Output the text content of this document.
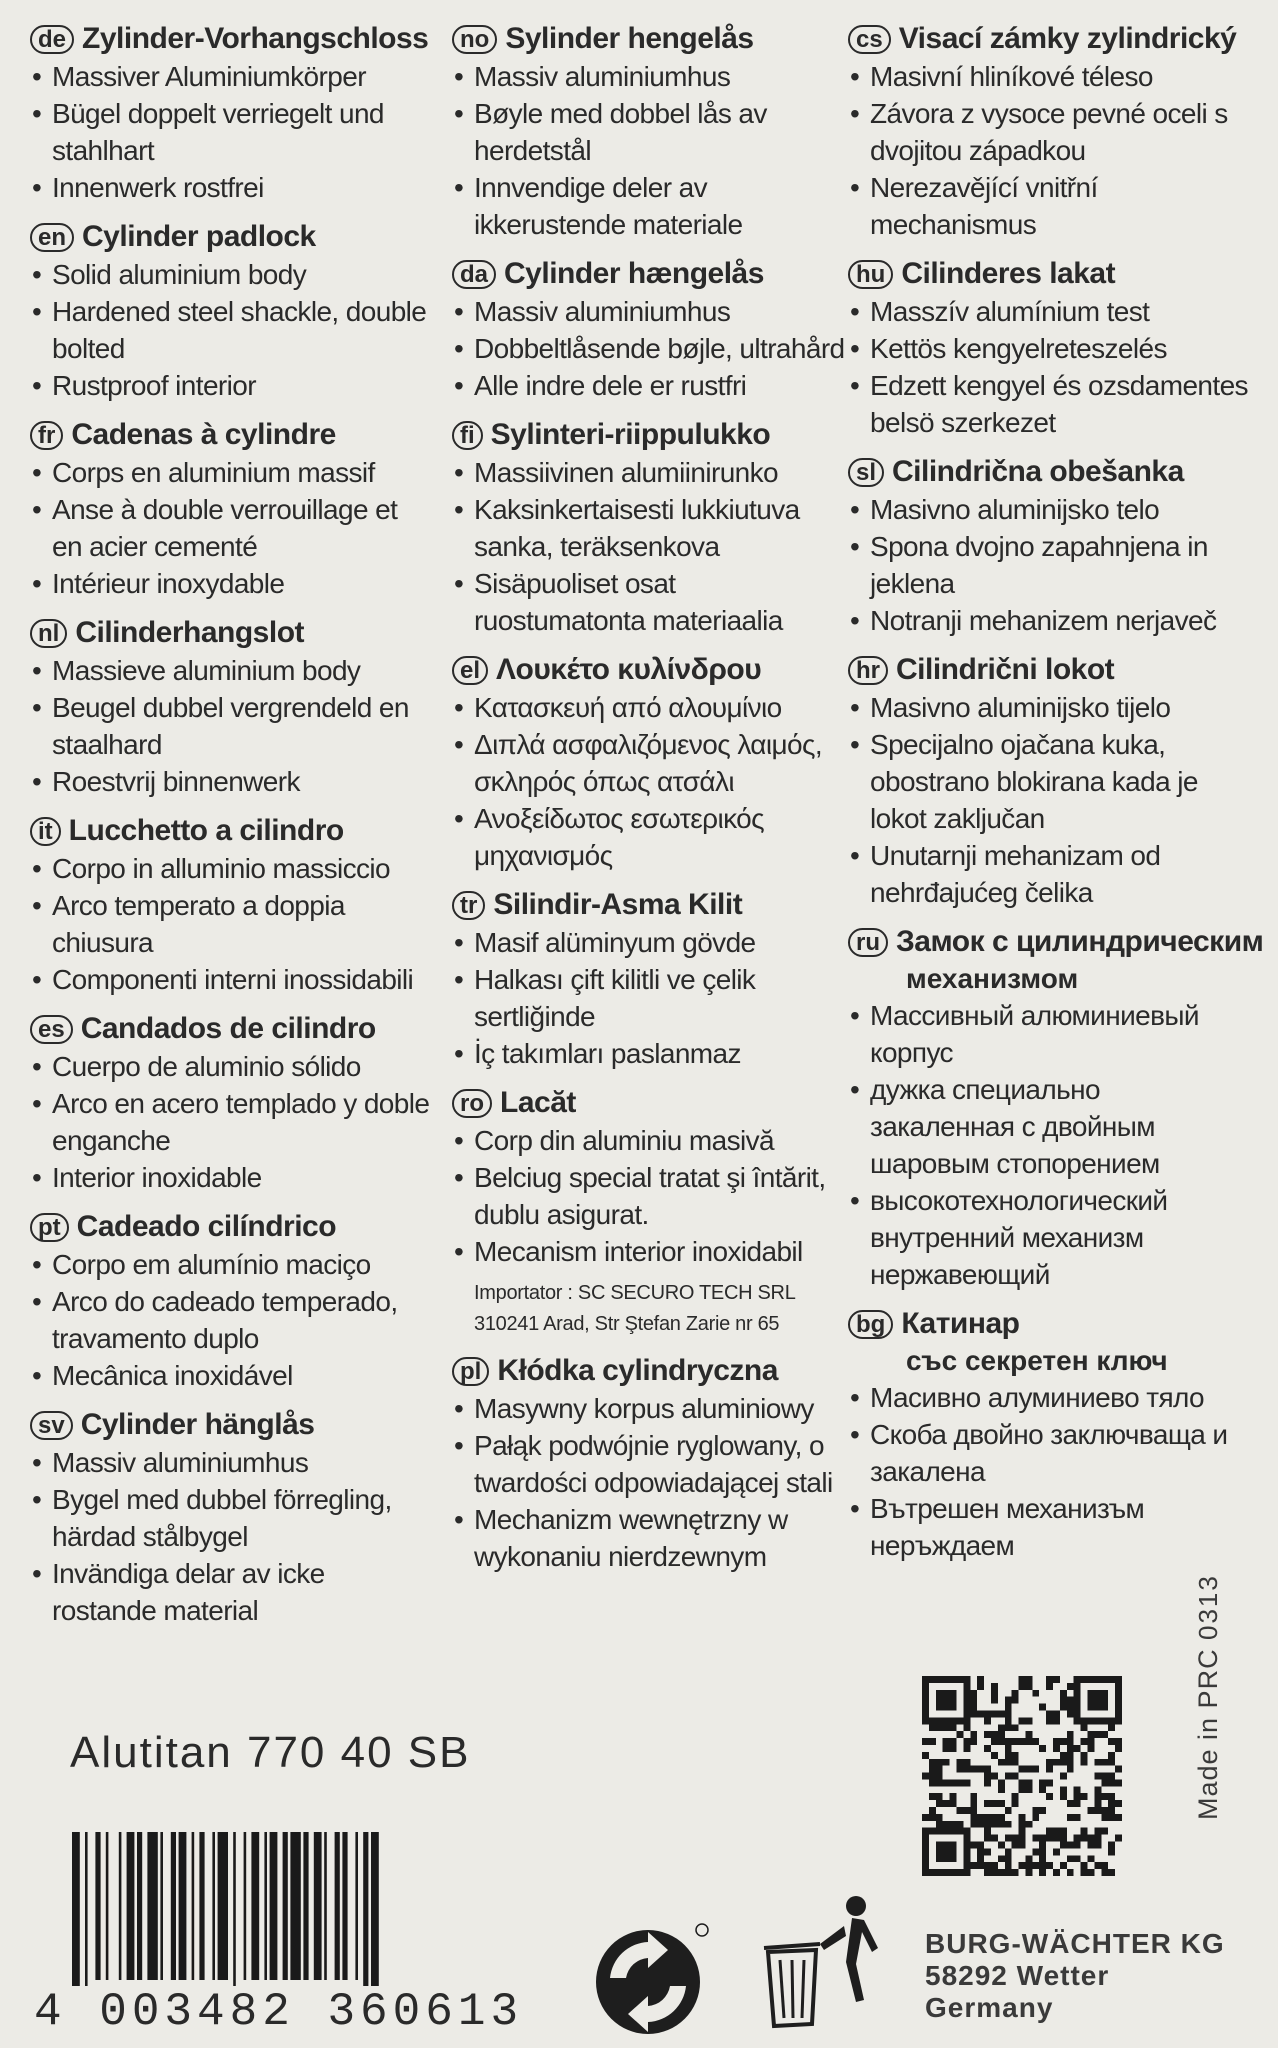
de Zylinder-Vorhangschloss
• Massiver Aluminiumkörper
• Bügel doppelt verriegelt und stahlhart
• Innenwerk rostfrei
en Cylinder padlock
• Solid aluminium body
• Hardened steel shackle, double bolted
• Rustproof interior
fr Cadenas à cylindre
• Corps en aluminium massif
• Anse à double verrouillage et en acier cementé
• Intérieur inoxydable
nl Cilinderhangslot
• Massieve aluminium body
• Beugel dubbel vergrendeld en staalhard
• Roestvrij binnenwerk
it Lucchetto a cilindro
• Corpo in alluminio massiccio
• Arco temperato a doppia chiusura
• Componenti interni inossidabili
es Candados de cilindro
• Cuerpo de aluminio sólido
• Arco en acero templado y doble enganche
• Interior inoxidable
pt Cadeado cilíndrico
• Corpo em alumínio maciço
• Arco do cadeado temperado, travamento duplo
• Mecânica inoxidável
sv Cylinder hänglås
• Massiv aluminiumhus
• Bygel med dubbel förregling, härdad stålbygel
• Invändiga delar av icke rostande material
no Sylinder hengelås
• Massiv aluminiumhus
• Bøyle med dobbel lås av herdetstål
• Innvendige deler av ikkerustende materiale
da Cylinder hængelås
• Massiv aluminiumhus
• Dobbeltlåsende bøjle, ultrahård
• Alle indre dele er rustfri
fi Sylinteri-riippulukko
• Massiivinen alumiinirunko
• Kaksinkertaisesti lukkiutuva sanka, teräksenkova
• Sisäpuoliset osat ruostumatonta materiaalia
el Λουκέτο κυλίνδρου
• Κατασκευή από αλουμίνιο
• Διπλά ασφαλιζόμενος λαιμός, σκληρός όπως ατσάλι
• Ανοξείδωτος εσωτερικός μηχανισμός
tr Silindir-Asma Kilit
• Masif alüminyum gövde
• Halkası çift kilitli ve çelik sertliğinde
• İç takımları paslanmaz
ro Lacăt
• Corp din aluminiu masivă
• Belciug special tratat şi întărit, dublu asigurat.
• Mecanism interior inoxidabil
Importator : SC SECURO TECH SRL
310241 Arad, Str Ştefan Zarie nr 65
pl Kłódka cylindryczna
• Masywny korpus aluminiowy
• Pałąk podwójnie ryglowany, o twardości odpowiadającej stali
• Mechanizm wewnętrzny w wykonaniu nierdzewnym
cs Visací zámky zylindrický
• Masivní hliníkové téleso
• Závora z vysoce pevné oceli s dvojitou západkou
• Nerezavějící vnitřní mechanismus
hu Cilinderes lakat
• Masszív alumínium test
• Kettös kengyelreteszelés
• Edzett kengyel és ozsdamentes belsö szerkezet
sl Cilindrična obešanka
• Masivno aluminijsko telo
• Spona dvojno zapahnjena in jeklena
• Notranji mehanizem nerjaveč
hr Cilindrični lokot
• Masivno aluminijsko tijelo
• Specijalno ojačana kuka, obostrano blokirana kada je lokot zaključan
• Unutarnji mehanizam od nehrđajućeg čelika
ru Замок с цилиндрическим
механизмом
• Массивный алюминиевый корпус
• дужка специально закаленная с двойным шаровым стопорением
• высокотехнологический внутренний механизм нержавеющий
bg Катинар
със секретен ключ
• Масивно алуминиево тяло
• Скоба двойно заключваща и закалена
• Вътрешен механизъм неръждаем
Alutitan 770 40 SB
4 003482 360613
0313
Made in PRC
BURG-WÄCHTER KG
58292 Wetter
Germany
